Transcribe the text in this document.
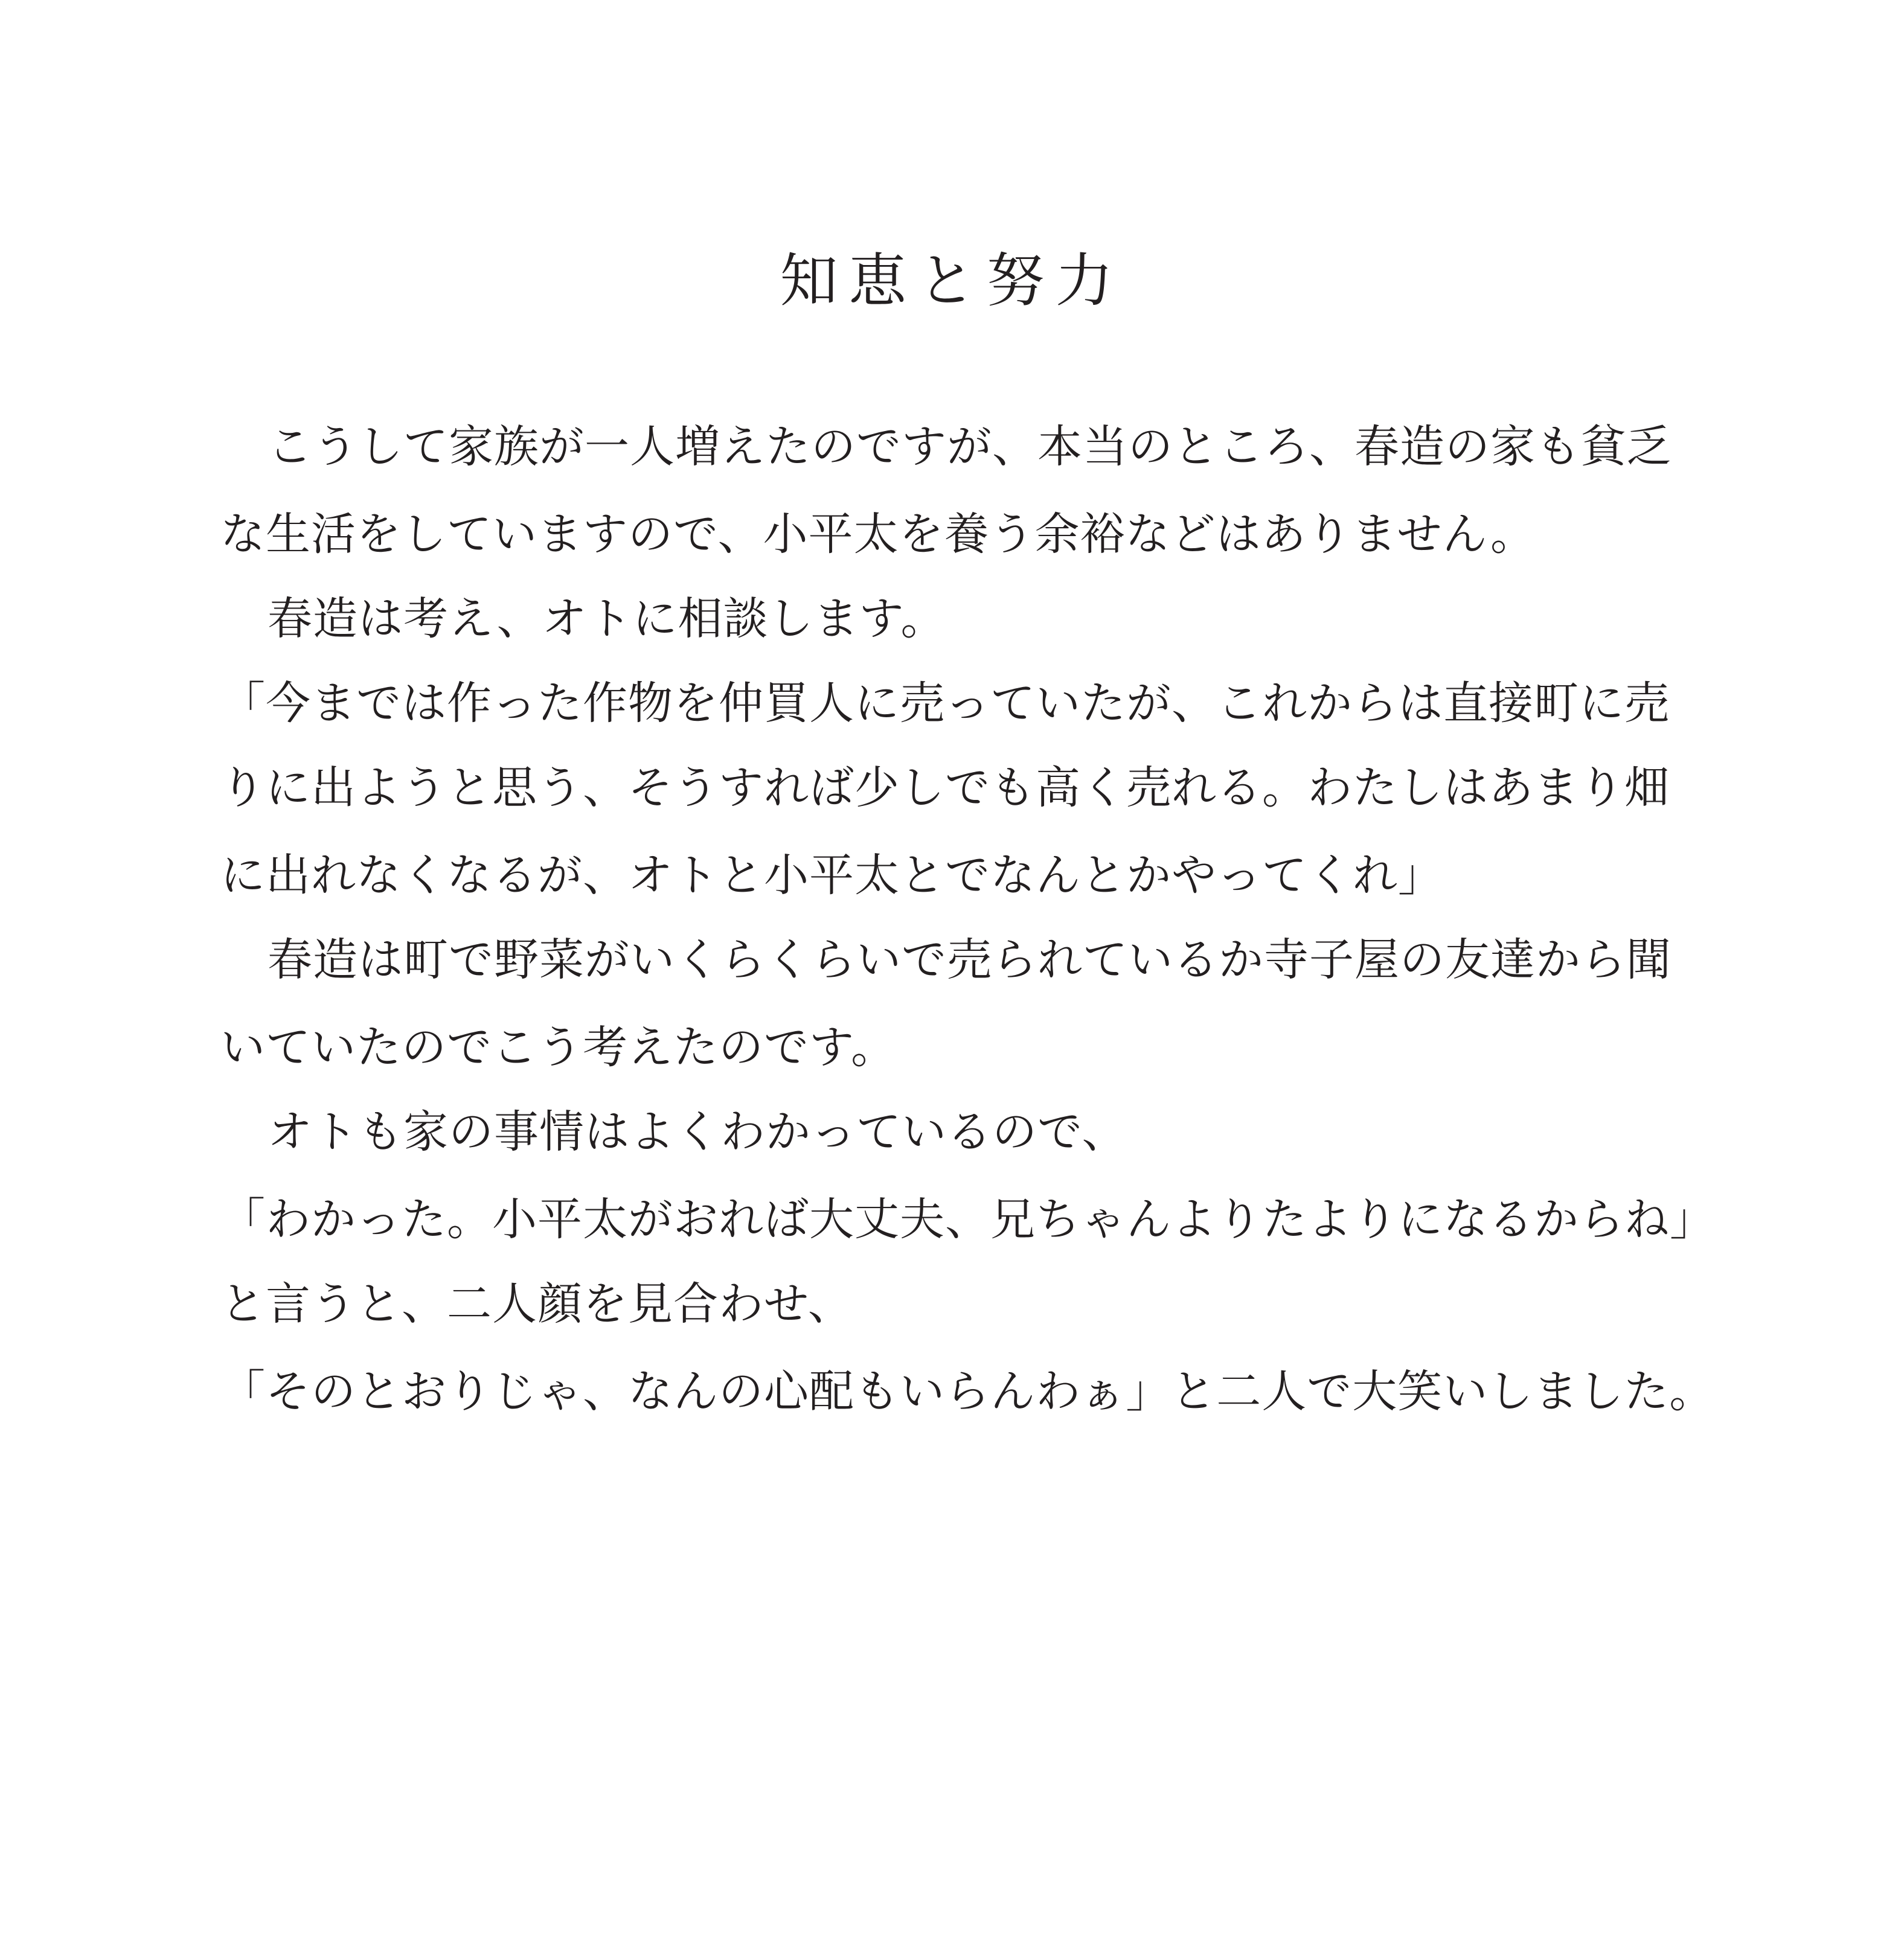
知恵と努力
こうして家族が一人増えたのですが、本当のところ、春造の家も貧乏
な生活をしていますので、小平太を養う余裕などはありません。
春造は考え、オトに相談します。
「今までは作った作物を仲買人に売っていたが、これからは直接町に売
りに出ようと思う、そうすれば少しでも高く売れる。わたしはあまり畑
に出れなくなるが、オトと小平太とでなんとかやってくれ」
春造は町で野菜がいくらくらいで売られているか寺子屋の友達から聞
いていたのでこう考えたのです。
オトも家の事情はよくわかっているので、
「わかった。小平太がおれば大丈夫、兄ちゃんよりたよりになるからね」
と言うと、二人顔を見合わせ、
「そのとおりじゃ、なんの心配もいらんわぁ」と二人で大笑いしました。
